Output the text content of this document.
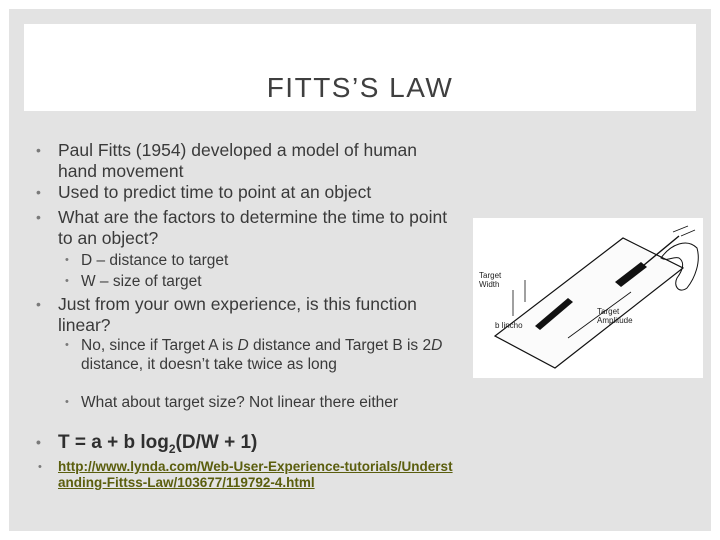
FITTS’S LAW
• Paul Fitts (1954) developed a model of human hand movement
• Used to predict time to point at an object
• What are the factors to determine the time to point to an object?
• D – distance to target
• W – size of target
• Just from your own experience, is this function linear?
• No, since if Target A is D distance and Target B is 2D distance, it doesn’t take twice as long
• What about target size? Not linear there either
• T = a + b $\log_2(D/W + 1)$
• http://www.lynda.com/Web-User-Experience-tutorials/Understanding-Fittss-Law/103677/119792-4.html
Target
Width
Target
Amplitude
b lincho
